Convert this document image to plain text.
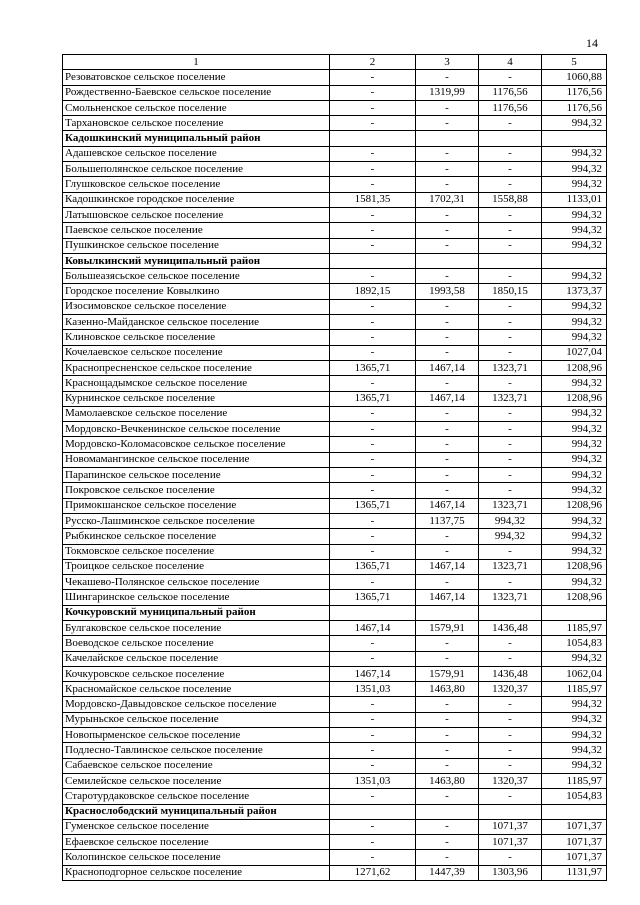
14
1	2	3	4	5
Резоватовское сельское поселение	-	-	-	1060,88
Рождественно-Баевское сельское поселение	-	1319,99	1176,56	1176,56
Смольненское сельское поселение	-	-	1176,56	1176,56
Тархановское сельское поселение	-	-	-	994,32
Кадошкинский муниципальный район				
Адашевское сельское поселение	-	-	-	994,32
Большеполянское сельское поселение	-	-	-	994,32
Глушковское сельское поселение	-	-	-	994,32
Кадошкинское городское поселение	1581,35	1702,31	1558,88	1133,01
Латышовское сельское поселение	-	-	-	994,32
Паевское сельское поселение	-	-	-	994,32
Пушкинское сельское поселение	-	-	-	994,32
Ковылкинский муниципальный район				
Большеазясьское сельское поселение	-	-	-	994,32
Городское поселение Ковылкино	1892,15	1993,58	1850,15	1373,37
Изосимовское сельское поселение	-	-	-	994,32
Казенно-Майданское сельское поселение	-	-	-	994,32
Клиновское сельское поселение	-	-	-	994,32
Кочелаевское сельское поселение	-	-	-	1027,04
Краснопресненское сельское поселение	1365,71	1467,14	1323,71	1208,96
Краснощадымское сельское поселение	-	-	-	994,32
Курнинское сельское поселение	1365,71	1467,14	1323,71	1208,96
Мамолаевское сельское поселение	-	-	-	994,32
Мордовско-Вечкенинское сельское поселение	-	-	-	994,32
Мордовско-Коломасовское сельское поселение	-	-	-	994,32
Новомамангинское сельское поселение	-	-	-	994,32
Парапинское сельское поселение	-	-	-	994,32
Покровское сельское поселение	-	-	-	994,32
Примокшанское сельское поселение	1365,71	1467,14	1323,71	1208,96
Русско-Лашминское сельское поселение	-	1137,75	994,32	994,32
Рыбкинское сельское поселение	-	-	994,32	994,32
Токмовское сельское поселение	-	-	-	994,32
Троицкое сельское поселение	1365,71	1467,14	1323,71	1208,96
Чекашево-Полянское сельское поселение	-	-	-	994,32
Шингаринское сельское поселение	1365,71	1467,14	1323,71	1208,96
Кочкуровский муниципальный район				
Булгаковское сельское поселение	1467,14	1579,91	1436,48	1185,97
Воеводское сельское поселение	-	-	-	1054,83
Качелайское сельское поселение	-	-	-	994,32
Кочкуровское сельское поселение	1467,14	1579,91	1436,48	1062,04
Красномайское сельское поселение	1351,03	1463,80	1320,37	1185,97
Мордовско-Давыдовское сельское поселение	-	-	-	994,32
Мурыньское сельское поселение	-	-	-	994,32
Новопырменское сельское поселение	-	-	-	994,32
Подлесно-Тавлинское сельское поселение	-	-	-	994,32
Сабаевское сельское поселение	-	-	-	994,32
Семилейское сельское поселение	1351,03	1463,80	1320,37	1185,97
Старотурдаковское сельское поселение	-	-	-	1054,83
Краснослободский муниципальный район				
Гуменское сельское поселение	-	-	1071,37	1071,37
Ефаевское сельское поселение	-	-	1071,37	1071,37
Колопинское сельское поселение	-	-	-	1071,37
Краснoподгорное сельское поселение	1271,62	1447,39	1303,96	1131,97
